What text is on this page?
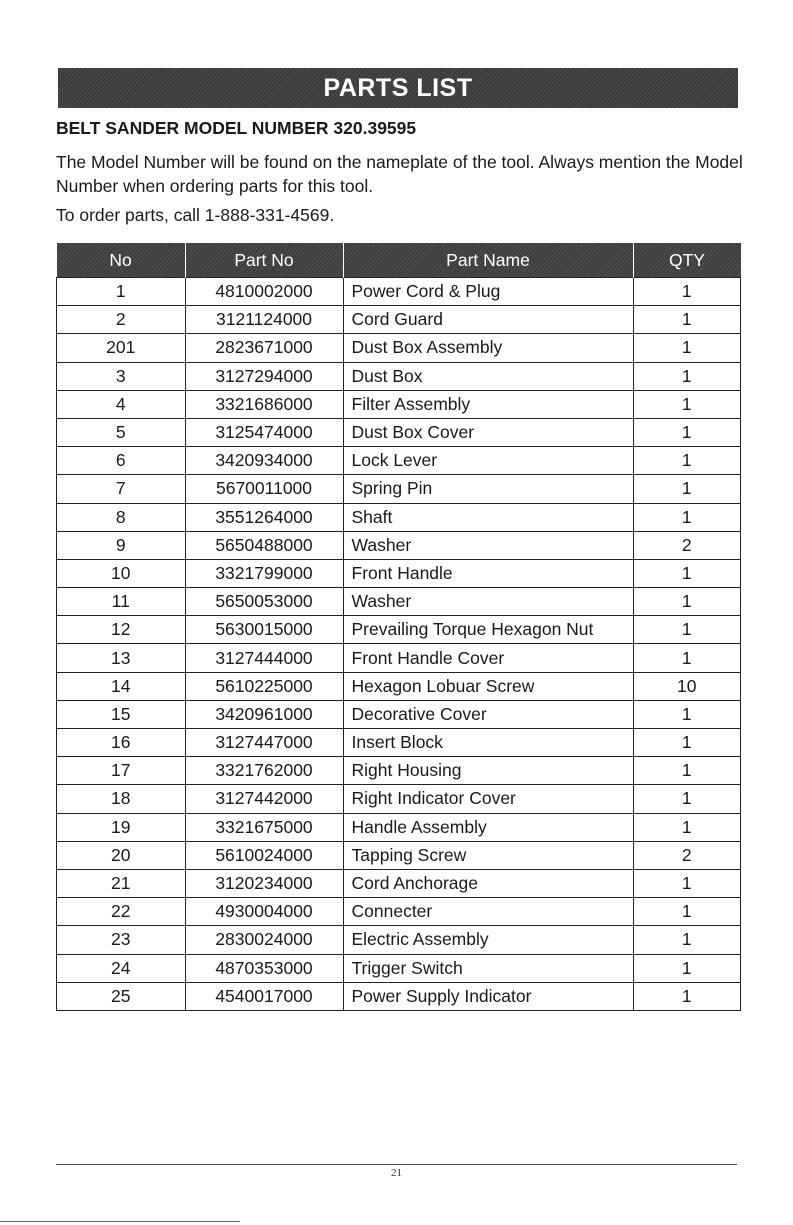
PARTS LIST
BELT SANDER MODEL NUMBER 320.39595

The Model Number will be found on the nameplate of the tool. Always mention the Model Number when ordering parts for this tool.

To order parts, call 1-888-331-4569.

No	Part No	Part Name	QTY
1	4810002000	Power Cord & Plug	1
2	3121124000	Cord Guard	1
201	2823671000	Dust Box Assembly	1
3	3127294000	Dust Box	1
4	3321686000	Filter Assembly	1
5	3125474000	Dust Box Cover	1
6	3420934000	Lock Lever	1
7	5670011000	Spring Pin	1
8	3551264000	Shaft	1
9	5650488000	Washer	2
10	3321799000	Front Handle	1
11	5650053000	Washer	1
12	5630015000	Prevailing Torque Hexagon Nut	1
13	3127444000	Front Handle Cover	1
14	5610225000	Hexagon Lobuar Screw	10
15	3420961000	Decorative Cover	1
16	3127447000	Insert Block	1
17	3321762000	Right Housing	1
18	3127442000	Right Indicator Cover	1
19	3321675000	Handle Assembly	1
20	5610024000	Tapping Screw	2
21	3120234000	Cord Anchorage	1
22	4930004000	Connecter	1
23	2830024000	Electric Assembly	1
24	4870353000	Trigger Switch	1
25	4540017000	Power Supply Indicator	1
21
